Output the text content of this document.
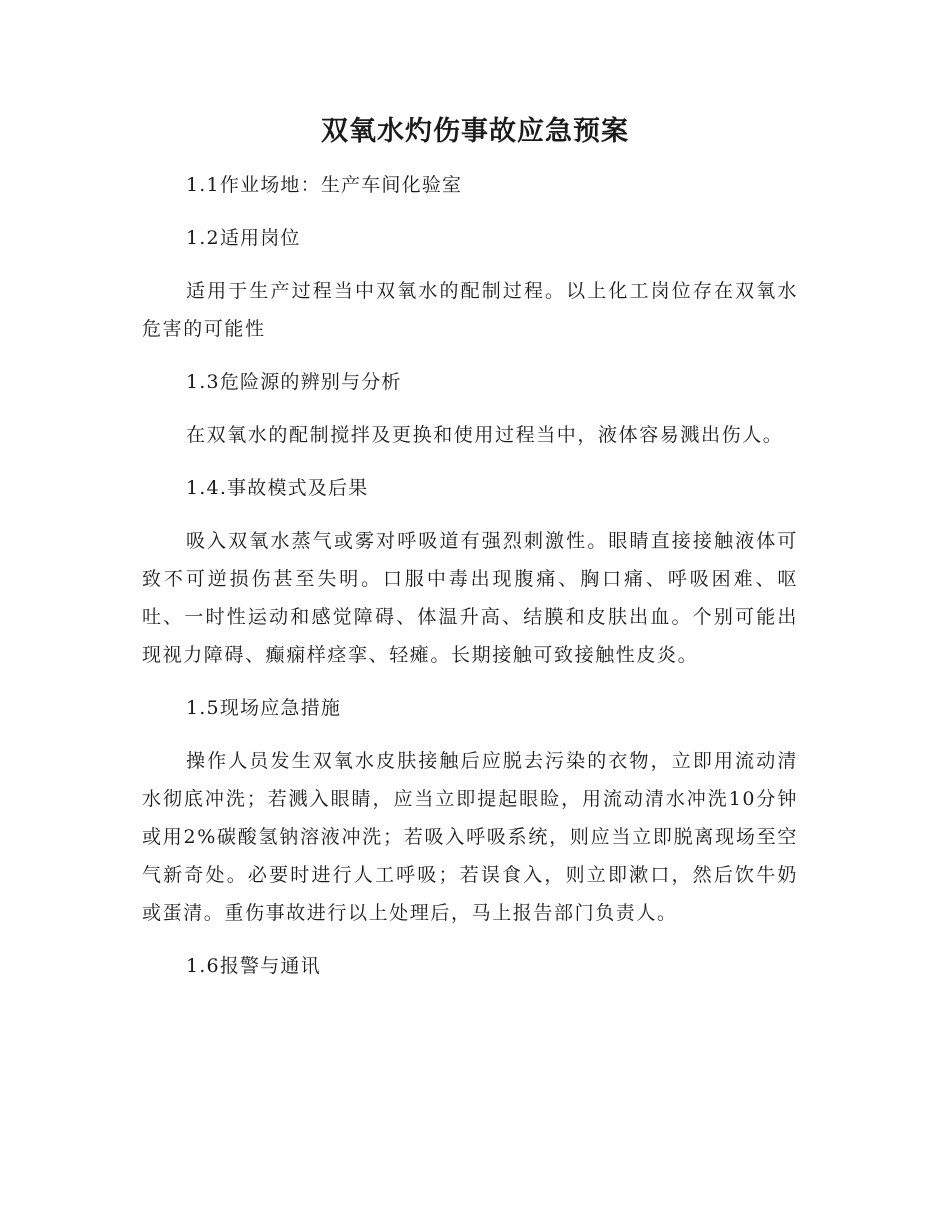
双氧水灼伤事故应急预案
1.1作业场地：生产车间化验室
1.2适用岗位

适用于生产过程当中双氧水的配制过程。以上化工岗位存在双氧水危害的可能性

1.3危险源的辨别与分析

在双氧水的配制搅拌及更换和使用过程当中，液体容易溅出伤人。

1.4.事故模式及后果

吸入双氧水蒸气或雾对呼吸道有强烈刺激性。眼睛直接接触液体可致不可逆损伤甚至失明。口服中毒出现腹痛、胸口痛、呼吸困难、呕吐、一时性运动和感觉障碍、体温升高、结膜和皮肤出血。个别可能出现视力障碍、癫痫样痉挛、轻瘫。长期接触可致接触性皮炎。

1.5现场应急措施

操作人员发生双氧水皮肤接触后应脱去污染的衣物，立即用流动清水彻底冲洗；若溅入眼睛，应当立即提起眼睑，用流动清水冲洗10分钟或用2%碳酸氢钠溶液冲洗；若吸入呼吸系统，则应当立即脱离现场至空气新奇处。必要时进行人工呼吸；若误食入，则立即漱口，然后饮牛奶或蛋清。重伤事故进行以上处理后，马上报告部门负责人。

1.6报警与通讯
